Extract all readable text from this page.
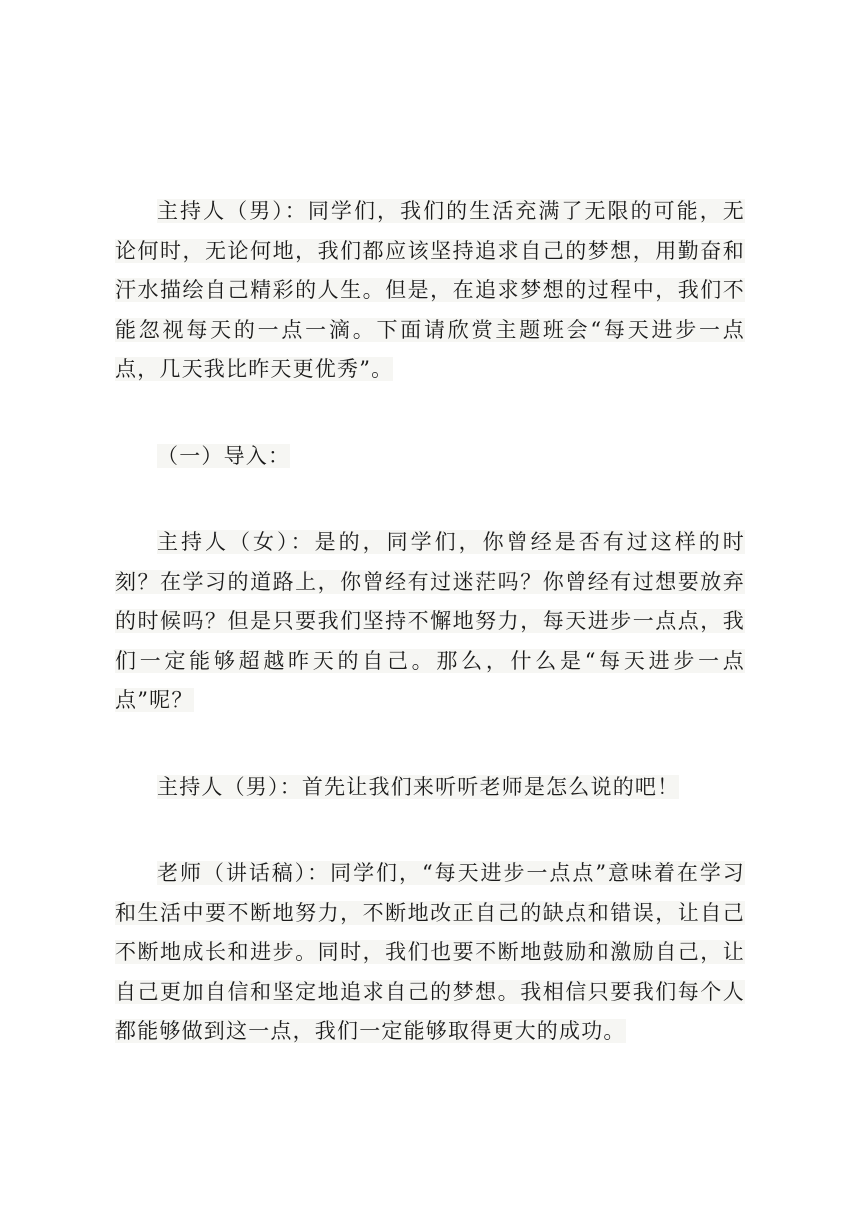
主持人（男）：同学们，我们的生活充满了无限的可能，无论何时，无论何地，我们都应该坚持追求自己的梦想，用勤奋和汗水描绘自己精彩的人生。但是，在追求梦想的过程中，我们不能忽视每天的一点一滴。下面请欣赏主题班会“每天进步一点点，几天我比昨天更优秀”。

（一）导入：

主持人（女）：是的，同学们，你曾经是否有过这样的时刻？在学习的道路上，你曾经有过迷茫吗？你曾经有过想要放弃的时候吗？但是只要我们坚持不懈地努力，每天进步一点点，我们一定能够超越昨天的自己。那么，什么是“每天进步一点点”呢？

主持人（男）：首先让我们来听听老师是怎么说的吧！

老师（讲话稿）：同学们，“每天进步一点点”意味着在学习和生活中要不断地努力，不断地改正自己的缺点和错误，让自己不断地成长和进步。同时，我们也要不断地鼓励和激励自己，让自己更加自信和坚定地追求自己的梦想。我相信只要我们每个人都能够做到这一点，我们一定能够取得更大的成功。
